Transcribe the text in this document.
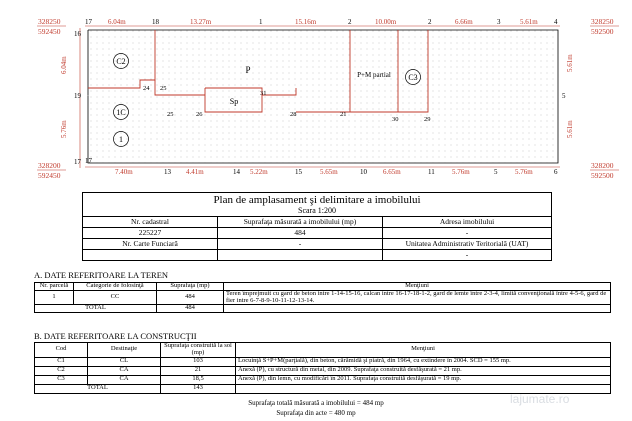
328250
592450
328250
592500
328200
592450
328200
592500
6.04m	13.27m	15.16m	10.00m	6.66m	5.61m
17	18	1	2	2	3	4
7.40m	4.41m	5.22m	5.65m	6.65m	5.76m	5.76m
17
13	14	15	10	11	5	6
6.04m
5.76m
16
19
17
5.61m
5.61m
5
24 25
25	26
31
28	21
30	29
C2
P	P+M partial C3
Sp
1C
1
Plan de amplasament şi delimitare a imobilului
Scara 1:200
Nr. cadastral	Suprafaţa măsurată a imobilului (mp)	Adresa imobilului
225227	484	-
Nr. Carte Funciară	-	Unitatea Administrativ Teritorială (UAT)
		-
A. DATE REFERITOARE LA TEREN
Nr. parcelă	Categorie de folosinţă	Suprafaţa (mp)	Menţiuni
1	CC	484	Teren împrejmuit cu gard de beton intre 1-14-15-16, calcan intre 16-17-18-1-2, gard de lemte între 2-3-4, limită convenţională între 4-5-6, gard de fier intre 6-7-8-9-10-11-12-13-14.
TOTAL		484	
B. DATE REFERITOARE LA CONSTRUCŢII
Cod	Destinaţie	Suprafaţa construită la sol (mp)	Menţiuni
C1	CL	103	Locuinţă S+P+M(parţială), din beton, cărămidă şi piatră, din 1964, cu extindere în 2004. SCD = 155 mp.
C2	CA	21	Anexă (P), cu structură din metal, din 2009. Suprafaţa construită desfăşurată = 21 mp.
C3	CA	18,5	Anexă (P), din lemn, cu modificări în 2011. Suprafaţa construită desfăşurată = 19 mp.
TOTAL		143	
Suprafaţa totală măsurată a imobilului = 484 mp
Suprafaţa din acte = 480 mp
lajumate.ro
